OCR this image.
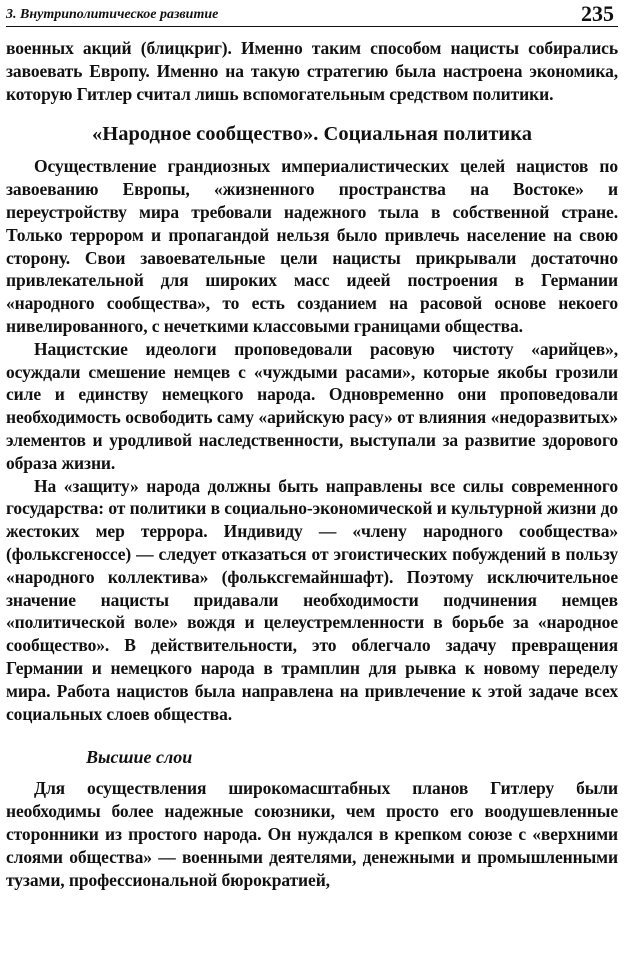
3. Внутриполитическое развитие	235

военных акций (блицкриг). Именно таким способом нацисты собирались завоевать Европу. Именно на такую стратегию была настроена экономика, которую Гитлер считал лишь вспомогательным средством политики.

«Народное сообщество». Социальная политика

Осуществление грандиозных империалистических целей нацистов по завоеванию Европы, «жизненного пространства на Востоке» и переустройству мира требовали надежного тыла в собственной стране. Только террором и пропагандой нельзя было привлечь население на свою сторону. Свои завоевательные цели нацисты прикрывали достаточно привлекательной для широких масс идеей построения в Германии «народного сообщества», то есть созданием на расовой основе некоего нивелированного, с нечеткими классовыми границами общества.

Нацистские идеологи проповедовали расовую чистоту «арийцев», осуждали смешение немцев с «чуждыми расами», которые якобы грозили силе и единству немецкого народа. Одновременно они проповедовали необходимость освободить саму «арийскую расу» от влияния «недоразвитых» элементов и уродливой наследственности, выступали за развитие здорового образа жизни.

На «защиту» народа должны быть направлены все силы современного государства: от политики в социально-экономической и культурной жизни до жестоких мер террора. Индивиду — «члену народного сообщества» (фольксгеноссе) — следует отказаться от эгоистических побуждений в пользу «народного коллектива» (фольксгемайншафт). Поэтому исключительное значение нацисты придавали необходимости подчинения немцев «политической воле» вождя и целеустремленности в борьбе за «народное сообщество». В действительности, это облегчало задачу превращения Германии и немецкого народа в трамплин для рывка к новому переделу мира. Работа нацистов была направлена на привлечение к этой задаче всех социальных слоев общества.

Высшие слои

Для осуществления широкомасштабных планов Гитлеру были необходимы более надежные союзники, чем просто его воодушевленные сторонники из простого народа. Он нуждался в крепком союзе с «верхними слоями общества» — военными деятелями, денежными и промышленными тузами, профессиональной бюрократией,
